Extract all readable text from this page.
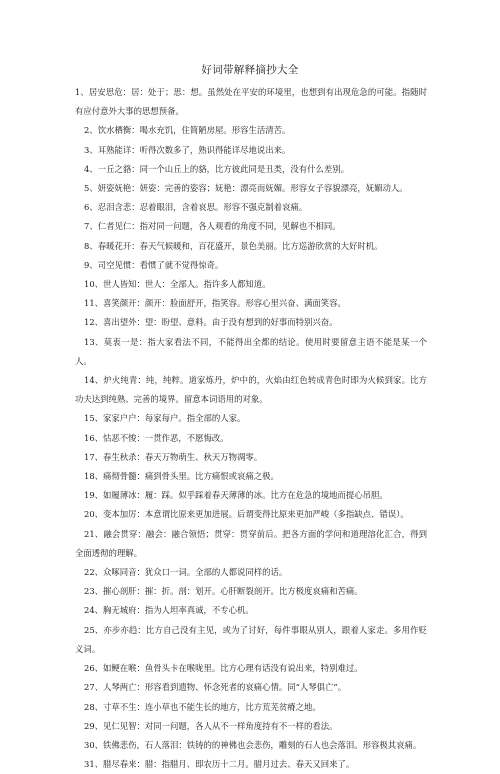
好词带解释摘抄大全
1、居安思危：居：处于；思：想。虽然处在平安的环境里，也想到有出现危急的可能。指随时有应付意外大事的思想预备。
2、饮水栖衡：喝水充饥，住简陋房屋。形容生活清苦。
3、耳熟能详：听得次数多了，熟识得能详尽地说出来。
4、一丘之貉：同一个山丘上的貉，比方彼此同是丑类，没有什么差别。
5、妍姿妩艳：妍姿：完善的姿容；妩艳：漂亮而妩媚。形容女子容貌漂亮，妩媚动人。
6、忍泪含悲：忍着眼泪，含着哀思。形容不强克制着哀痛。
7、仁者见仁：指对同一问题，各人观看的角度不同，见解也不相同。
8、春暖花开：春天气候暖和，百花盛开，景色美丽。比方巡游欣赏的大好时机。
9、司空见惯：看惯了就不觉得惊奇。
10、世人皆知：世人：全部人。指许多人都知道。
11、喜笑颜开：颜开：脸面舒开，指笑容。形容心里兴奋、满面笑容。
12、喜出望外：望：盼望、意料。由于没有想到的好事而特别兴奋。
13、莫衷一是：指大家看法不同，不能得出全都的结论。使用时要留意主语不能是某一个人。
14、炉火纯青：纯，纯粹。道家炼丹，炉中的，火焰由红色转成青色时即为火候到家。比方功夫达到纯熟、完善的境界。留意本词语用的对象。
15、家家户户：每家每户。指全部的人家。
16、怙恶不悛：一贯作恶，不愿悔改。
17、春生秋杀：春天万物萌生、秋天万物凋零。
18、痛彻骨髓：痛到骨头里。比方痛恨或哀痛之极。
19、如履薄冰：履：踩。似乎踩着春天薄薄的冰。比方在危急的境地而提心吊胆。
20、变本加厉：本意谓比原来更加进展。后谓变得比原来更加严峻（多指缺点、错误）。
21、融会贯穿：融会：融合领悟；贯穿：贯穿前后。把各方面的学问和道理溶化汇合，得到全面透彻的理解。
22、众啄同音：犹众口一词。全部的人都说同样的话。
23、摧心剖肝：摧：折。剖：划开。心肝断裂剖开。比方极度哀痛和苦痛。
24、胸无城府：指为人坦率真诚，不专心机。
25、亦步亦趋：比方自己没有主见，或为了讨好，每件事眼从别人，跟着人家走。多用作贬义词。
26、如鲠在喉：鱼骨头卡在喉咙里。比方心理有话没有说出来，特别难过。
27、人琴两亡：形容看到遗物、怀念死者的哀痛心情。同“人琴俱亡”。
28、寸草不生：连小草也不能生长的地方，比方荒芜贫瘠之地。
29、见仁见智：对同一问题，各人从不一样角度持有不一样的看法。
30、铁佛悲伤，石人落泪：铁铸的的神佛也会悲伤，雕刻的石人也会落泪。形容极其哀痛。
31、腊尽春来：腊：指腊月、即农历十二月。腊月过去、春天又回来了。
